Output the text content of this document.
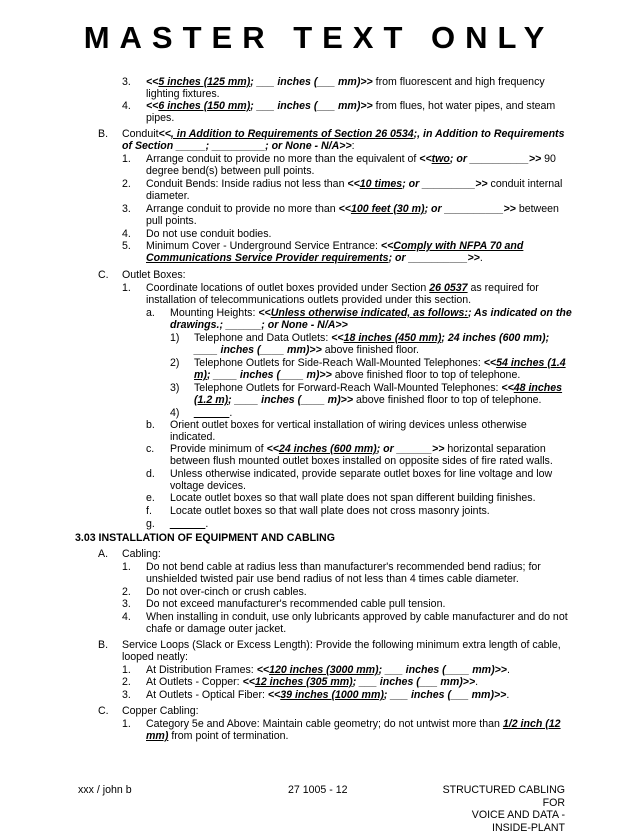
MASTER TEXT ONLY
3.03 INSTALLATION OF EQUIPMENT AND CABLING
3. <<5 inches (125 mm); ___ inches (___ mm)>> from fluorescent and high frequency
lighting fixtures.
4. <<6 inches (150 mm); ___ inches (___ mm)>> from flues, hot water pipes, and steam
pipes.
B. Conduit<<, in Addition to Requirements of Section 26 0534;, in Addition to Requirements
of Section _____; _________; or None - N/A>>:
1. Arrange conduit to provide no more than the equivalent of <<two; or __________>> 90
degree bend(s) between pull points.
2. Conduit Bends: Inside radius not less than <<10 times; or _________>> conduit internal
diameter.
3. Arrange conduit to provide no more than <<100 feet (30 m); or __________>> between
pull points.
4. Do not use conduit bodies.
5. Minimum Cover - Underground Service Entrance: <<Comply with NFPA 70 and
Communications Service Provider requirements; or __________>>.
C. Outlet Boxes:
1. Coordinate locations of outlet boxes provided under Section 26 0537 as required for
installation of telecommunications outlets provided under this section.
a. Mounting Heights: <<Unless otherwise indicated, as follows:; As indicated on the
drawings.; ______; or None - N/A>>
1) Telephone and Data Outlets: <<18 inches (450 mm); 24 inches (600 mm);
____ inches (____ mm)>> above finished floor.
2) Telephone Outlets for Side-Reach Wall-Mounted Telephones: <<54 inches (1.4
m); ____ inches (____ m)>> above finished floor to top of telephone.
3) Telephone Outlets for Forward-Reach Wall-Mounted Telephones: <<48 inches
(1.2 m); ____ inches (____ m)>> above finished floor to top of telephone.
4) ______.
b. Orient outlet boxes for vertical installation of wiring devices unless otherwise
indicated.
c. Provide minimum of <<24 inches (600 mm); or ______>> horizontal separation
between flush mounted outlet boxes installed on opposite sides of fire rated walls.
d. Unless otherwise indicated, provide separate outlet boxes for line voltage and low
voltage devices.
e. Locate outlet boxes so that wall plate does not span different building finishes.
f. Locate outlet boxes so that wall plate does not cross masonry joints.
g. ______.
A. Cabling:
1. Do not bend cable at radius less than manufacturer's recommended bend radius; for
unshielded twisted pair use bend radius of not less than 4 times cable diameter.
2. Do not over-cinch or crush cables.
3. Do not exceed manufacturer's recommended cable pull tension.
4. When installing in conduit, use only lubricants approved by cable manufacturer and do not
chafe or damage outer jacket.
B. Service Loops (Slack or Excess Length): Provide the following minimum extra length of cable,
looped neatly:
1. At Distribution Frames: <<120 inches (3000 mm); ___ inches (____ mm)>>.
2. At Outlets - Copper: <<12 inches (305 mm); ___ inches (___ mm)>>.
3. At Outlets - Optical Fiber: <<39 inches (1000 mm); ___ inches (___ mm)>>.
C. Copper Cabling:
1. Category 5e and Above: Maintain cable geometry; do not untwist more than 1/2 inch (12
mm) from point of termination.
xxx / john b	27 1005 - 12	STRUCTURED CABLING FOR
VOICE AND DATA -
INSIDE-PLANT
